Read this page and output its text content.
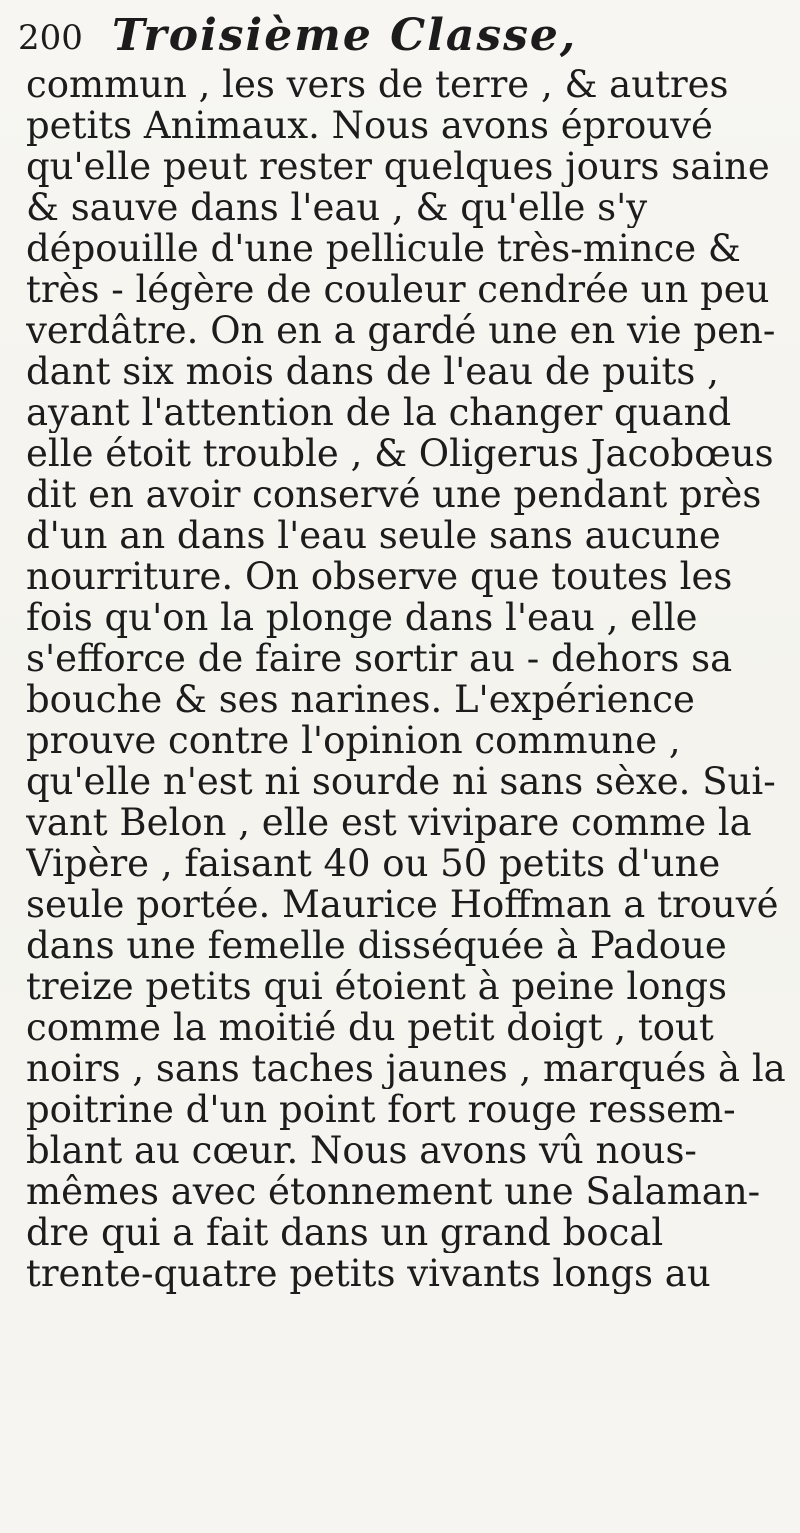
200 Troisième Classe,
commun , les vers de terre , & autres
petits Animaux. Nous avons éprouvé
qu'elle peut rester quelques jours saine
& sauve dans l'eau , & qu'elle s'y
dépouille d'une pellicule très-mince &
très - légère de couleur cendrée un peu
verdâtre. On en a gardé une en vie pen-
dant six mois dans de l'eau de puits ,
ayant l'attention de la changer quand
elle étoit trouble , & Oligerus Jacobœus
dit en avoir conservé une pendant près
d'un an dans l'eau seule sans aucune
nourriture. On observe que toutes les
fois qu'on la plonge dans l'eau , elle
s'efforce de faire sortir au - dehors sa
bouche & ses narines. L'expérience
prouve contre l'opinion commune ,
qu'elle n'est ni sourde ni sans sèxe. Sui-
vant Belon , elle est vivipare comme la
Vipère , faisant 40 ou 50 petits d'une
seule portée. Maurice Hoffman a trouvé
dans une femelle disséquée à Padoue
treize petits qui étoient à peine longs
comme la moitié du petit doigt , tout
noirs , sans taches jaunes , marqués à la
poitrine d'un point fort rouge ressem-
blant au cœur. Nous avons vû nous-
mêmes avec étonnement une Salaman-
dre qui a fait dans un grand bocal
trente-quatre petits vivants longs au
